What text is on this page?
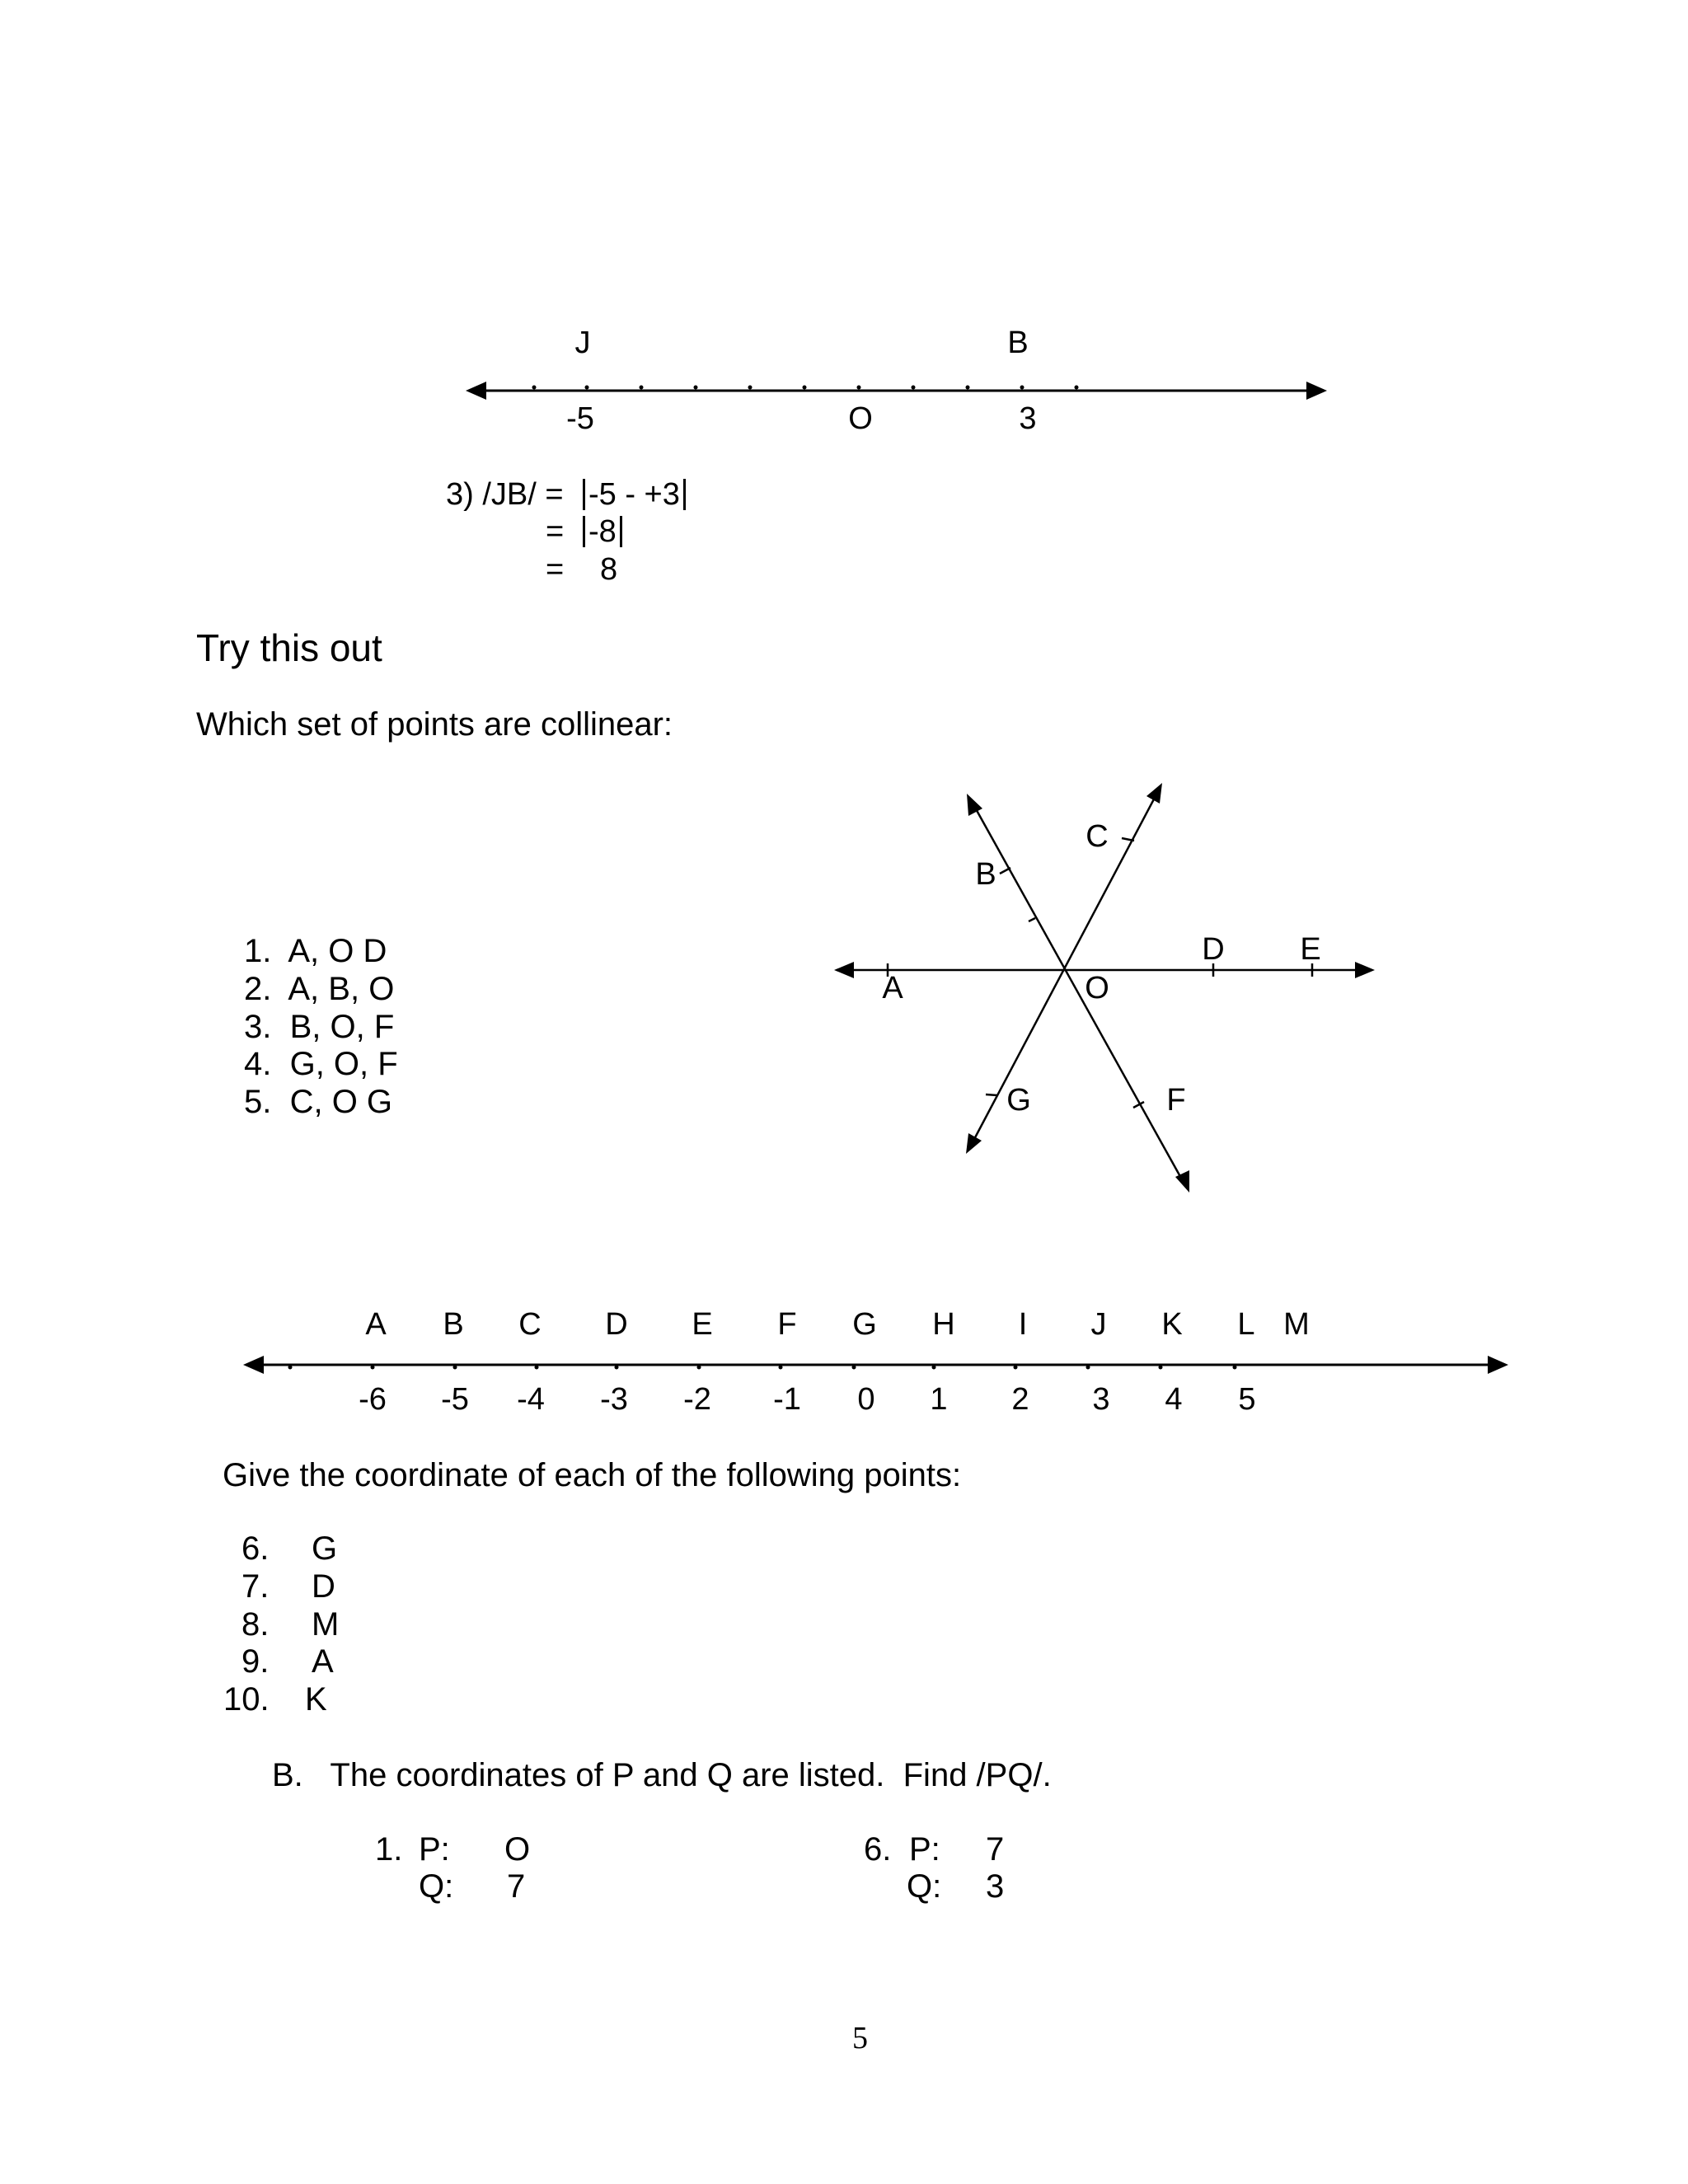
J	B
-5	O	3
3) /JB/ = -5 - +3
= -8
= 8
Try this out
Which set of points are collinear:
1.  A, O D
2.  A, B, O
3.  B, O, F
4.  G, O, F
5.  C, O G
C
B
D E
A	O
G	F
A B C D E F G H I J K L M
-6 -5 -4 -3 -2 -1 0 1 2 3 4 5
Give the coordinate of each of the following points:
6. G
7. D
8. M
9. A
10. K
B.   The coordinates of P and Q are listed.  Find /PQ/.
1. P: O
Q: 7
6. P: 7
Q: 3
5
